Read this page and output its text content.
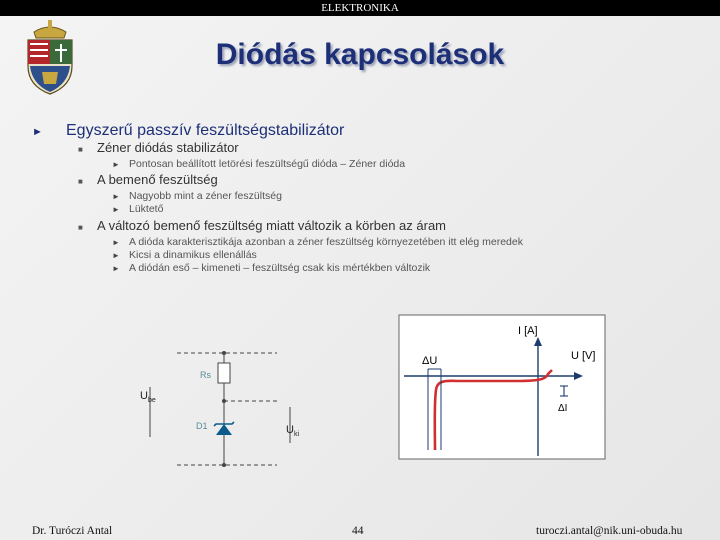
ELEKTRONIKA
Diódás kapcsolások
► Egyszerű passzív feszültségstabilizátor
■ Zéner diódás stabilizátor
► Pontosan beállított letörési feszültségű dióda – Zéner dióda
■ A bemenő feszültség
► Nagyobb mint a zéner feszültség
► Lüktető
■ A változó bemenő feszültség miatt változik a körben az áram
► A dióda karakterisztikája azonban a zéner feszültség környezetében itt elég meredek
► Kicsi a dinamikus ellenállás
► A diódán eső – kimeneti – feszültség csak kis mértékben változik
Rs
D1
$U_{be}$
$U_{ki}$
I [A]
U [V]
ΔU
ΔI
Dr. Turóczi Antal	44	turoczi.antal@nik.uni-obuda.hu
